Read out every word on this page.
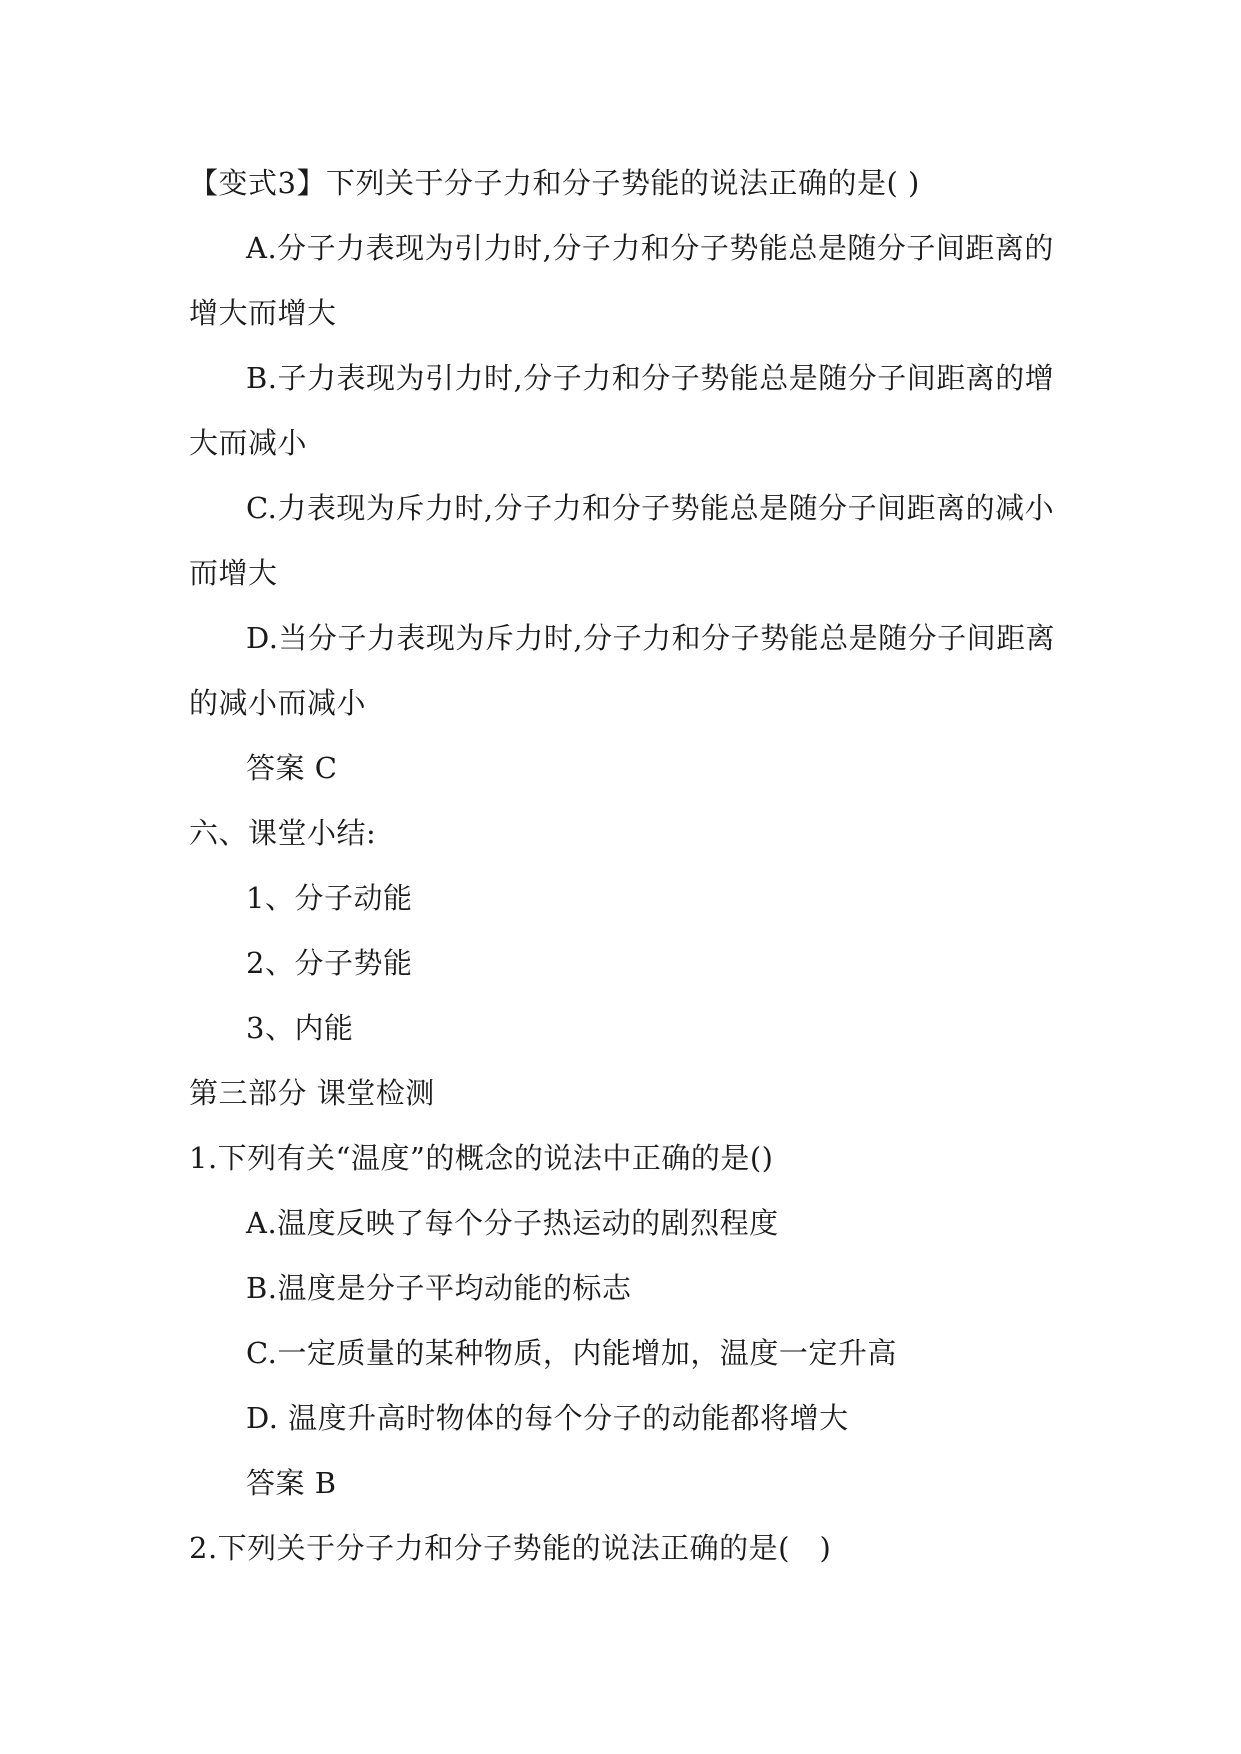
【变式3】下列关于分子力和分子势能的说法正确的是( )
A.分子力表现为引力时,分子力和分子势能总是随分子间距离的
增大而增大
B.子力表现为引力时,分子力和分子势能总是随分子间距离的增
大而减小
C.力表现为斥力时,分子力和分子势能总是随分子间距离的减小
而增大
D.当分子力表现为斥力时,分子力和分子势能总是随分子间距离
的减小而减小
答案 C
六、课堂小结:
1、分子动能
2、分子势能
3、内能
第三部分 课堂检测
1.下列有关“温度”的概念的说法中正确的是()
A.温度反映了每个分子热运动的剧烈程度
B.温度是分子平均动能的标志
C.一定质量的某种物质，内能增加，温度一定升高
D. 温度升高时物体的每个分子的动能都将增大
答案 B
2.下列关于分子力和分子势能的说法正确的是(　)
